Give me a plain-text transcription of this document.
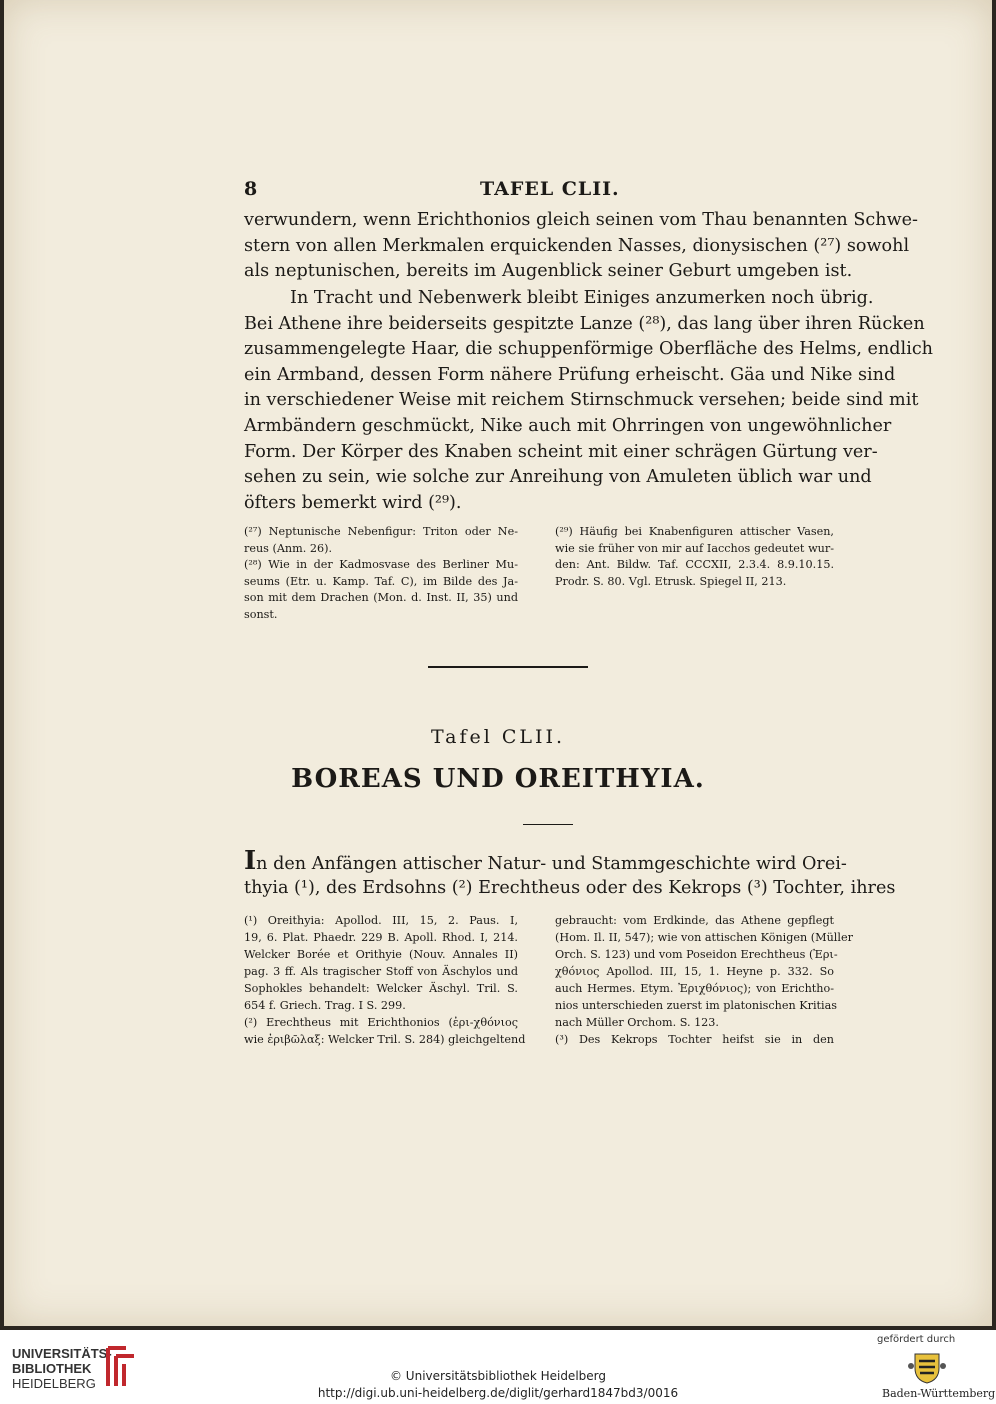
8	TAFEL CLII.
verwundern, wenn Erichthonios gleich seinen vom Thau benannten Schwe-
stern von allen Merkmalen erquickenden Nasses, dionysischen (²⁷) sowohl
als neptunischen, bereits im Augenblick seiner Geburt umgeben ist.
In Tracht und Nebenwerk bleibt Einiges anzumerken noch übrig.
Bei Athene ihre beiderseits gespitzte Lanze (²⁸), das lang über ihren Rücken
zusammengelegte Haar, die schuppenförmige Oberfläche des Helms, endlich
ein Armband, dessen Form nähere Prüfung erheischt. Gäa und Nike sind
in verschiedener Weise mit reichem Stirnschmuck versehen; beide sind mit
Armbändern geschmückt, Nike auch mit Ohrringen von ungewöhnlicher
Form. Der Körper des Knaben scheint mit einer schrägen Gürtung ver-
sehen zu sein, wie solche zur Anreihung von Amuleten üblich war und
öfters bemerkt wird (²⁹).
(²⁷) Neptunische Nebenfigur: Triton oder Ne-
reus (Anm. 26).
(²⁸) Wie in der Kadmosvase des Berliner Mu-
seums (Etr. u. Kamp. Taf. C), im Bilde des Ja-
son mit dem Drachen (Mon. d. Inst. II, 35) und
sonst.
(²⁹) Häufig bei Knabenfiguren attischer Vasen,
wie sie früher von mir auf Iacchos gedeutet wur-
den: Ant. Bildw. Taf. CCCXII, 2.3.4. 8.9.10.15.
Prodr. S. 80. Vgl. Etrusk. Spiegel II, 213.
Tafel CLII.
BOREAS UND OREITHYIA.
In den Anfängen attischer Natur- und Stammgeschichte wird Orei-
thyia (¹), des Erdsohns (²) Erechtheus oder des Kekrops (³) Tochter, ihres
(¹) Oreithyia: Apollod. III, 15, 2. Paus. I,
19, 6. Plat. Phaedr. 229 B. Apoll. Rhod. I, 214.
Welcker Borée et Orithyie (Nouv. Annales II)
pag. 3 ff. Als tragischer Stoff von Äschylos und
Sophokles behandelt: Welcker Äschyl. Tril. S.
654 f. Griech. Trag. I S. 299.
(²) Erechtheus mit Erichthonios (ἐρι-χθόνιος
wie ἐριβῶλαξ: Welcker Tril. S. 284) gleichgeltend
gebraucht: vom Erdkinde, das Athene gepflegt
(Hom. Il. II, 547); wie von attischen Königen (Müller
Orch. S. 123) und vom Poseidon Erechtheus (Ἐρι-
χθόνιος Apollod. III, 15, 1. Heyne p. 332. So
auch Hermes. Etym. Ἐριχθόνιος); von Erichtho-
nios unterschieden zuerst im platonischen Kritias
nach Müller Orchom. S. 123.
(³) Des Kekrops Tochter heifst sie in den
UNIVERSITÄTS-
BIBLIOTHEK
HEIDELBERG	© Universitätsbibliothek Heidelberg
http://digi.ub.uni-heidelberg.de/diglit/gerhard1847bd3/0016
gefördert durch
Baden-Württemberg
